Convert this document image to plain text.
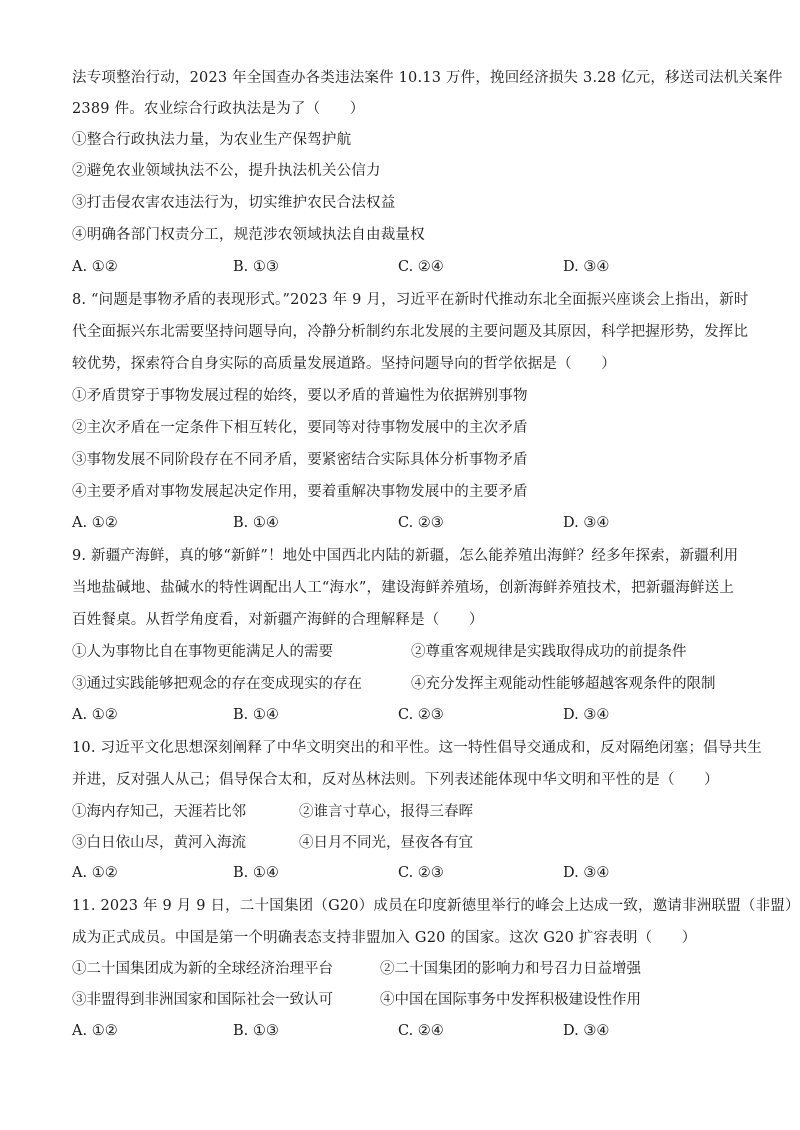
法专项整治行动，2023 年全国查办各类违法案件 10.13 万件，挽回经济损失 3.28 亿元，移送司法机关案件
2389 件。农业综合行政执法是为了（　　）
①整合行政执法力量，为农业生产保驾护航
②避免农业领域执法不公，提升执法机关公信力
③打击侵农害农违法行为，切实维护农民合法权益
④明确各部门权责分工，规范涉农领域执法自由裁量权
A. ①②	B. ①③	C. ②④	D. ③④
8. “问题是事物矛盾的表现形式。”2023 年 9 月，习近平在新时代推动东北全面振兴座谈会上指出，新时
代全面振兴东北需要坚持问题导向，冷静分析制约东北发展的主要问题及其原因，科学把握形势，发挥比
较优势，探索符合自身实际的高质量发展道路。坚持问题导向的哲学依据是（　　）
①矛盾贯穿于事物发展过程的始终，要以矛盾的普遍性为依据辨别事物
②主次矛盾在一定条件下相互转化，要同等对待事物发展中的主次矛盾
③事物发展不同阶段存在不同矛盾，要紧密结合实际具体分析事物矛盾
④主要矛盾对事物发展起决定作用，要着重解决事物发展中的主要矛盾
A. ①②	B. ①④	C. ②③	D. ③④
9. 新疆产海鲜，真的够“新鲜”！地处中国西北内陆的新疆，怎么能养殖出海鲜？经多年探索，新疆利用
当地盐碱地、盐碱水的特性调配出人工“海水”，建设海鲜养殖场，创新海鲜养殖技术，把新疆海鲜送上
百姓餐桌。从哲学角度看，对新疆产海鲜的合理解释是（　　）
①人为事物比自在事物更能满足人的需要	②尊重客观规律是实践取得成功的前提条件
③通过实践能够把观念的存在变成现实的存在	④充分发挥主观能动性能够超越客观条件的限制
A. ①②	B. ①④	C. ②③	D. ③④
10. 习近平文化思想深刻阐释了中华文明突出的和平性。这一特性倡导交通成和，反对隔绝闭塞；倡导共生
并进，反对强人从己；倡导保合太和，反对丛林法则。下列表述能体现中华文明和平性的是（　　）
①海内存知己，天涯若比邻	②谁言寸草心，报得三春晖
③白日依山尽，黄河入海流	④日月不同光，昼夜各有宜
A. ①②	B. ①④	C. ②③	D. ③④
11. 2023 年 9 月 9 日，二十国集团（G20）成员在印度新德里举行的峰会上达成一致，邀请非洲联盟（非盟）
成为正式成员。中国是第一个明确表态支持非盟加入 G20 的国家。这次 G20 扩容表明（　　）
①二十国集团成为新的全球经济治理平台	②二十国集团的影响力和号召力日益增强
③非盟得到非洲国家和国际社会一致认可	④中国在国际事务中发挥积极建设性作用
A. ①②	B. ①③	C. ②④	D. ③④
